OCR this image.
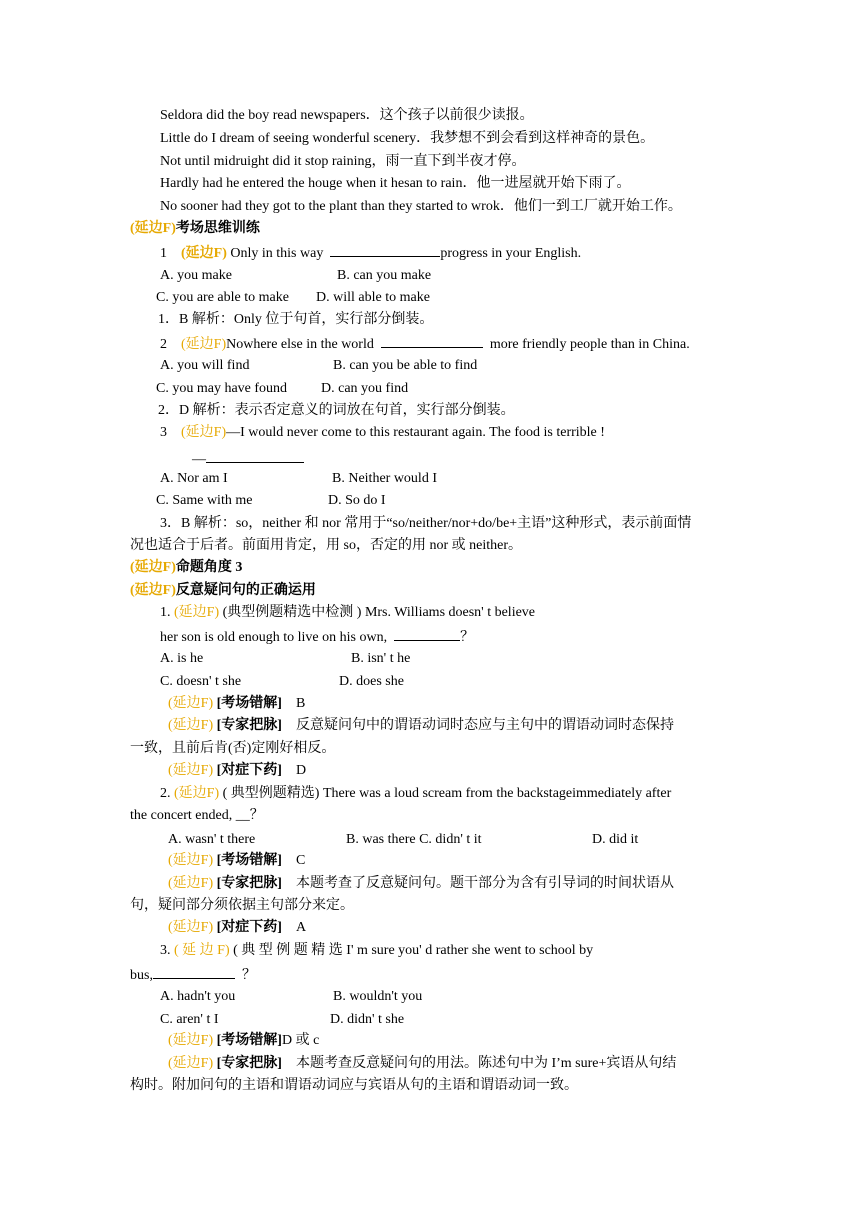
Seldora did the boy read newspapers．这个孩子以前很少读报。
Little do I dream of seeing wonderful scenery．我梦想不到会看到这样神奇的景色。
Not until midruight did it stop raining，雨一直下到半夜才停。
Hardly had he entered the houge when it hesan to rain．他一进屋就开始下雨了。
No sooner had they got to the plant than they started to wrok．他们一到工厂就开始工作。
(延边F)考场思维训练
1 (延边F) Only in this way	progress in your English.
A. you make	B. can you make
C. you are able to make D. will able to make
1．B 解析：Only 位于句首，实行部分倒装。
2 (延边F)Nowhere else in the world	more friendly people than in China.
A. you will find	B. can you be able to find
C. you may have found D. can you find
2．D 解析：表示否定意义的词放在句首，实行部分倒装。
3 (延边F)—I would never come to this restaurant again. The food is terrible !
—
A. Nor am I	B. Neither would I
C. Same with me	D. So do I
3．B 解析：so，neither 和 nor 常用于“so/neither/nor+do/be+主语”这种形式，表示前面情
况也适合于后者。前面用肯定，用 so，否定的用 nor 或 neither。
(延边F)命题角度 3
(延边F)反意疑问句的正确运用
1. (延边F) (典型例题精选中检测 ) Mrs. Williams doesn' t believe
her son is old enough to live on his own,	？
A. is he	B. isn' t he
C. doesn' t she	D. does she
(延边F) [考场错解] B
(延边F) [专家把脉] 反意疑问句中的谓语动词时态应与主句中的谓语动词时态保持
一致，且前后肯(否)定刚好相反。
(延边F) [对症下药] D
2. (延边F) ( 典型例题精选) There was a loud scream from the backstageimmediately after
the concert ended, __？
A. wasn' t there	B. was there C. didn' t it	D. did it
(延边F) [考场错解] C
(延边F) [专家把脉] 本题考查了反意疑问句。题干部分为含有引导词的时间状语从
句，疑问部分须依据主句部分来定。
(延边F) [对症下药] A
3. ( 延 边 F) ( 典 型 例 题 精 选 I' m sure you' d rather she went to school by
bus,	？
A. hadn't you	B. wouldn't you
C. aren' t I	D. didn' t she
(延边F) [考场错解]D 或 c
(延边F) [专家把脉] 本题考查反意疑问句的用法。陈述句中为 I’m sure+宾语从句结
构时。附加问句的主语和谓语动词应与宾语从句的主语和谓语动词一致。
